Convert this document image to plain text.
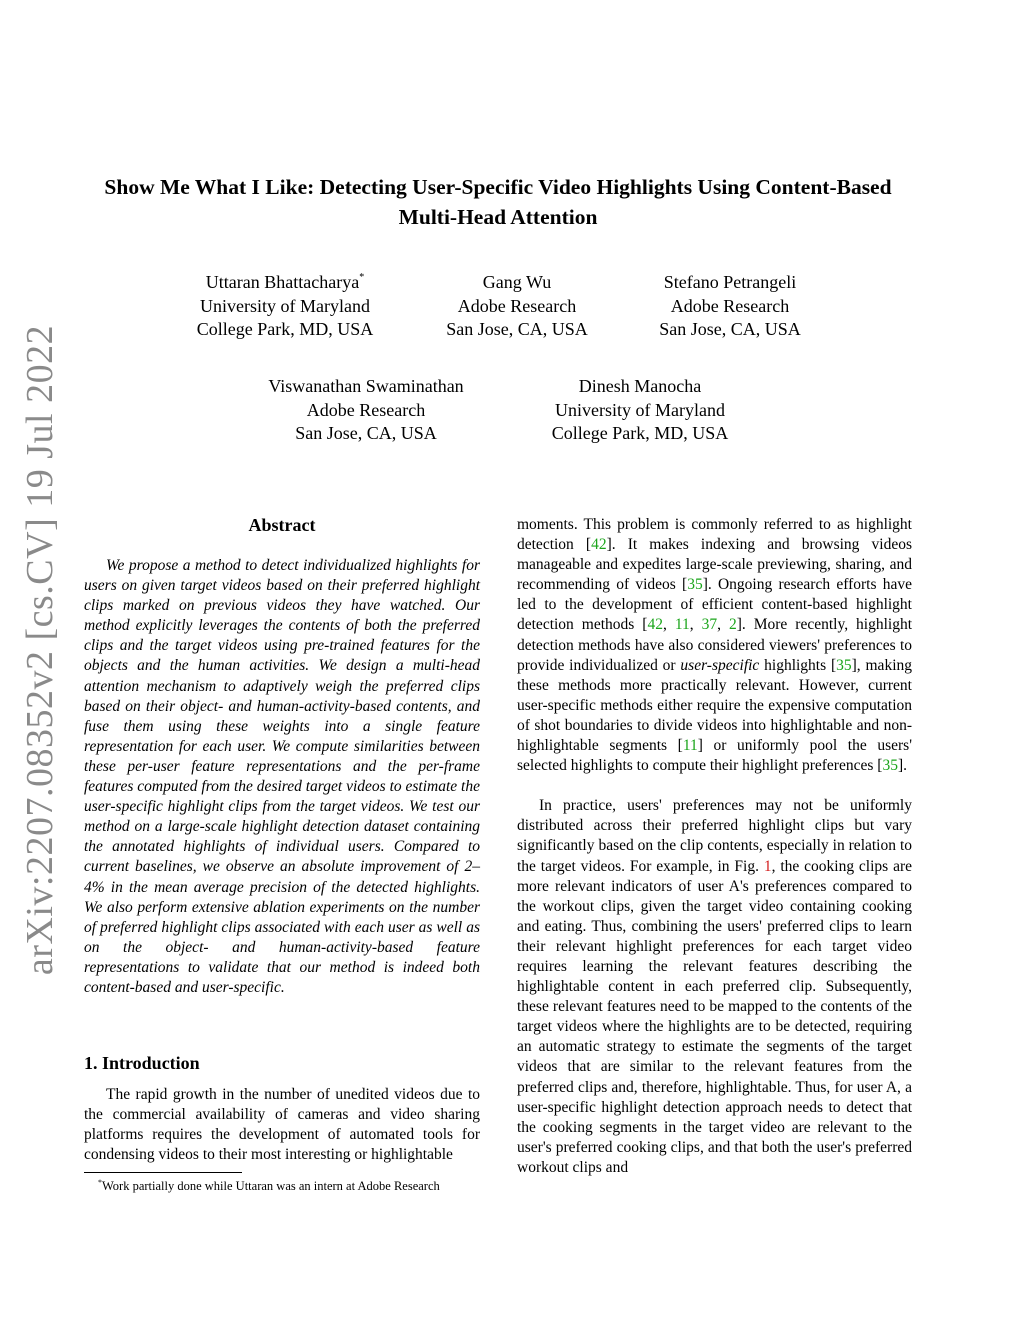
arXiv:2207.08352v2 [cs.CV] 19 Jul 2022
Show Me What I Like: Detecting User-Specific Video Highlights Using Content-Based Multi-Head Attention
Uttaran Bhattacharya*
University of Maryland
College Park, MD, USA
Gang Wu
Adobe Research
San Jose, CA, USA
Stefano Petrangeli
Adobe Research
San Jose, CA, USA
Viswanathan Swaminathan
Adobe Research
San Jose, CA, USA
Dinesh Manocha
University of Maryland
College Park, MD, USA
Abstract

We propose a method to detect individualized highlights for users on given target videos based on their preferred highlight clips marked on previous videos they have watched. Our method explicitly leverages the contents of both the preferred clips and the target videos using pre-trained features for the objects and the human activities. We design a multi-head attention mechanism to adaptively weigh the preferred clips based on their object- and human-activity-based contents, and fuse them using these weights into a single feature representation for each user. We compute similarities between these per-user feature representations and the per-frame features computed from the desired target videos to estimate the user-specific highlight clips from the target videos. We test our method on a large-scale highlight detection dataset containing the annotated highlights of individual users. Compared to current baselines, we observe an absolute improvement of 2–4% in the mean average precision of the detected highlights. We also perform extensive ablation experiments on the number of preferred highlight clips associated with each user as well as on the object- and human-activity-based feature representations to validate that our method is indeed both content-based and user-specific.

1. Introduction

The rapid growth in the number of unedited videos due to the commercial availability of cameras and video sharing platforms requires the development of automated tools for condensing videos to their most interesting or highlightable

moments. This problem is commonly referred to as highlight detection [42]. It makes indexing and browsing videos manageable and expedites large-scale previewing, sharing, and recommending of videos [35]. Ongoing research efforts have led to the development of efficient content-based highlight detection methods [42, 11, 37, 2]. More recently, highlight detection methods have also considered viewers' preferences to provide individualized or user-specific highlights [35], making these methods more practically relevant. However, current user-specific methods either require the expensive computation of shot boundaries to divide videos into highlightable and non-highlightable segments [11] or uniformly pool the users' selected highlights to compute their highlight preferences [35].

In practice, users' preferences may not be uniformly distributed across their preferred highlight clips but vary significantly based on the clip contents, especially in relation to the target videos. For example, in Fig. 1, the cooking clips are more relevant indicators of user A's preferences compared to the workout clips, given the target video containing cooking and eating. Thus, combining the users' preferred clips to learn their relevant highlight preferences for each target video requires learning the relevant features describing the highlightable content in each preferred clip. Subsequently, these relevant features need to be mapped to the contents of the target videos where the highlights are to be detected, requiring an automatic strategy to estimate the segments of the target videos that are similar to the relevant features from the preferred clips and, therefore, highlightable. Thus, for user A, a user-specific highlight detection approach needs to detect that the cooking segments in the target video are relevant to the user's preferred cooking clips, and that both the user's preferred workout clips and

*Work partially done while Uttaran was an intern at Adobe Research
